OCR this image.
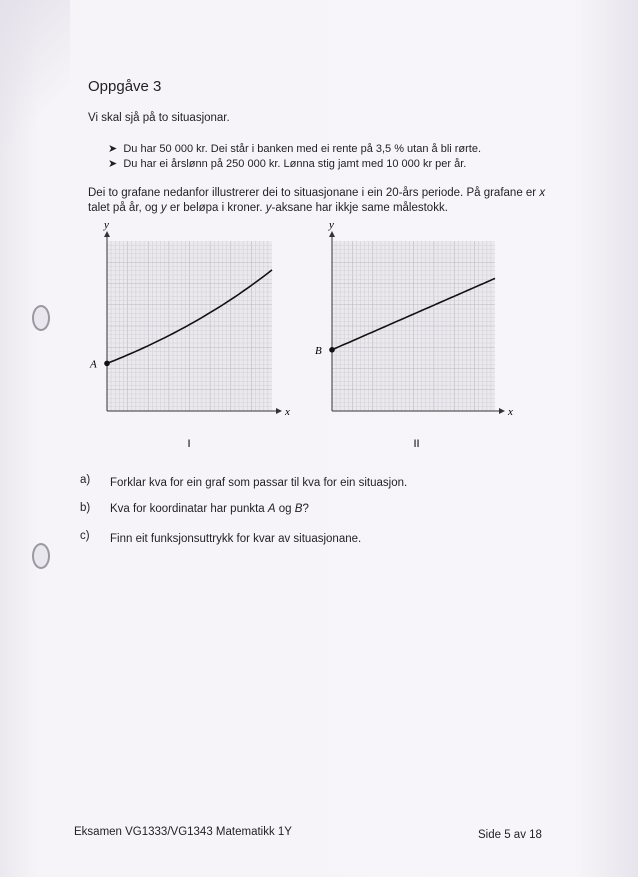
Oppgåve 3
Vi skal sjå på to situasjonar.
➤ Du har 50 000 kr. Dei står i banken med ei rente på 3,5 % utan å bli rørte.
➤ Du har ei årslønn på 250 000 kr. Lønna stig jamt med 10 000 kr per år.
Dei to grafane nedanfor illustrerer dei to situasjonane i ein 20-års periode. På grafane er x
talet på år, og y er beløpa i kroner. y-aksane har ikkje same målestokk.
x
y
A
I
x
y
B
II
a) Forklar kva for ein graf som passar til kva for ein situasjon.
b) Kva for koordinatar har punkta A og B?
c) Finn eit funksjonsuttrykk for kvar av situasjonane.
Eksamen VG1333/VG1343 Matematikk 1Y	Side 5 av 18
